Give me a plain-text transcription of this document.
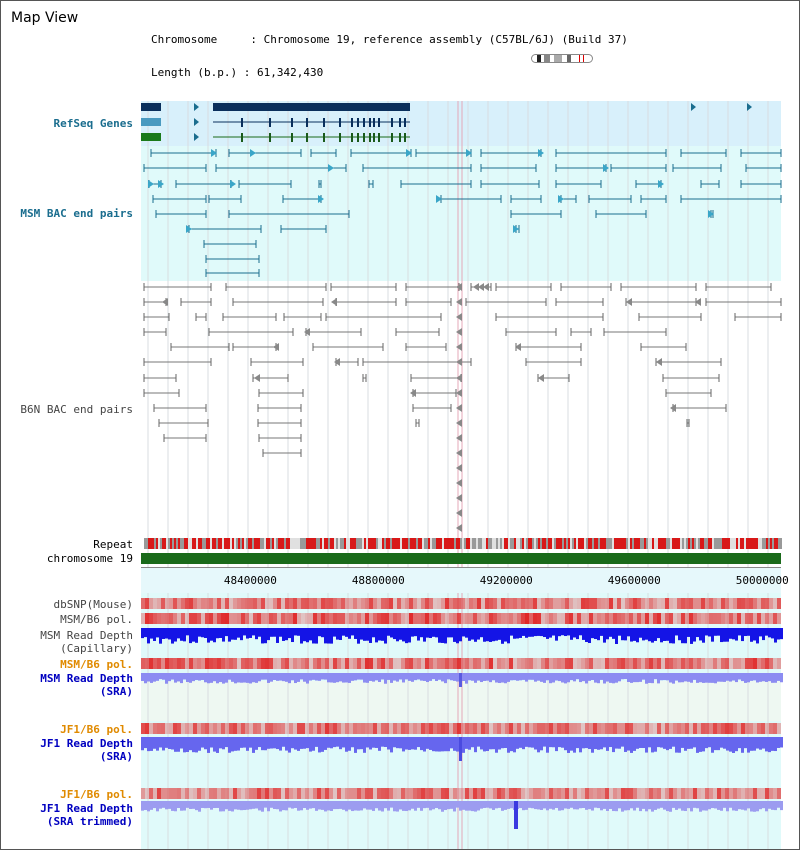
Map View

Chromosome     : Chromosome 19, reference assembly (C57BL/6J) (Build 37)

Length (b.p.) : 61,342,430

RefSeq Genes
MSM BAC end pairs
B6N BAC end pairs
Repeat
chromosome 19
dbSNP(Mouse)
MSM/B6 pol.
MSM Read Depth
(Capillary)
MSM/B6 pol.
MSM Read Depth
(SRA)
JF1/B6 pol.
JF1 Read Depth
(SRA)
JF1/B6 pol.
JF1 Read Depth
(SRA trimmed)
48400000	48800000	49200000	49600000	50000000
